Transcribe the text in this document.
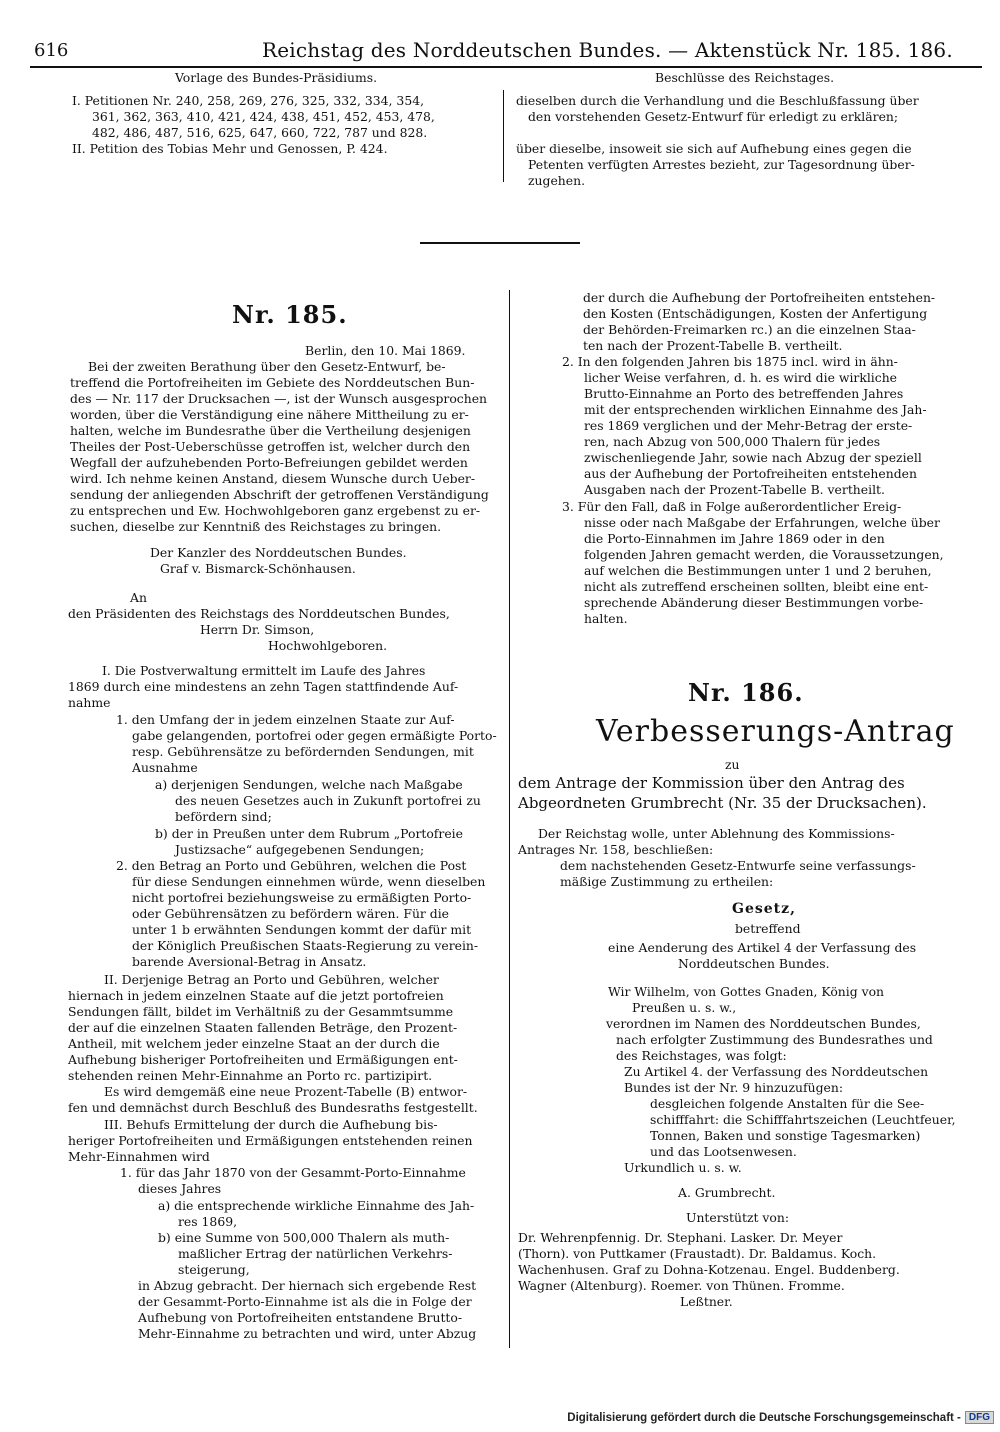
616	Reichstag des Norddeutschen Bundes. — Aktenstück Nr. 185. 186.
Vorlage des Bundes-Präsidiums.	Beschlüsse des Reichstages.
I. Petitionen Nr. 240, 258, 269, 276, 325, 332, 334, 354,
361, 362, 363, 410, 421, 424, 438, 451, 452, 453, 478,
482, 486, 487, 516, 625, 647, 660, 722, 787 und 828.
II. Petition des Tobias Mehr und Genossen, P. 424.
dieselben durch die Verhandlung und die Beschlußfassung über
den vorstehenden Gesetz-Entwurf für erledigt zu erklären;
über dieselbe, insoweit sie sich auf Aufhebung eines gegen die
Petenten verfügten Arrestes bezieht, zur Tagesordnung über-
zugehen.
Nr. 185.
Berlin, den 10. Mai 1869.
Bei der zweiten Berathung über den Gesetz-Entwurf, be-
treffend die Portofreiheiten im Gebiete des Norddeutschen Bun-
des — Nr. 117 der Drucksachen —, ist der Wunsch ausgesprochen
worden, über die Verständigung eine nähere Mittheilung zu er-
halten, welche im Bundesrathe über die Vertheilung desjenigen
Theiles der Post-Ueberschüsse getroffen ist, welcher durch den
Wegfall der aufzuhebenden Porto-Befreiungen gebildet werden
wird. Ich nehme keinen Anstand, diesem Wunsche durch Ueber-
sendung der anliegenden Abschrift der getroffenen Verständigung
zu entsprechen und Ew. Hochwohlgeboren ganz ergebenst zu er-
suchen, dieselbe zur Kenntniß des Reichstages zu bringen.
Der Kanzler des Norddeutschen Bundes.
Graf v. Bismarck-Schönhausen.
An
den Präsidenten des Reichstags des Norddeutschen Bundes,
Herrn Dr. Simson,
Hochwohlgeboren.
I. Die Postverwaltung ermittelt im Laufe des Jahres
1869 durch eine mindestens an zehn Tagen stattfindende Auf-
nahme
1. den Umfang der in jedem einzelnen Staate zur Auf-
gabe gelangenden, portofrei oder gegen ermäßigte Porto-
resp. Gebührensätze zu befördernden Sendungen, mit
Ausnahme
a) derjenigen Sendungen, welche nach Maßgabe
des neuen Gesetzes auch in Zukunft portofrei zu
befördern sind;
b) der in Preußen unter dem Rubrum „Portofreie
Justizsache“ aufgegebenen Sendungen;
2. den Betrag an Porto und Gebühren, welchen die Post
für diese Sendungen einnehmen würde, wenn dieselben
nicht portofrei beziehungsweise zu ermäßigten Porto-
oder Gebührensätzen zu befördern wären. Für die
unter 1 b erwähnten Sendungen kommt der dafür mit
der Königlich Preußischen Staats-Regierung zu verein-
barende Aversional-Betrag in Ansatz.
II. Derjenige Betrag an Porto und Gebühren, welcher
hiernach in jedem einzelnen Staate auf die jetzt portofreien
Sendungen fällt, bildet im Verhältniß zu der Gesammtsumme
der auf die einzelnen Staaten fallenden Beträge, den Prozent-
Antheil, mit welchem jeder einzelne Staat an der durch die
Aufhebung bisheriger Portofreiheiten und Ermäßigungen ent-
stehenden reinen Mehr-Einnahme an Porto rc. partizipirt.
Es wird demgemäß eine neue Prozent-Tabelle (B) entwor-
fen und demnächst durch Beschluß des Bundesraths festgestellt.
III. Behufs Ermittelung der durch die Aufhebung bis-
heriger Portofreiheiten und Ermäßigungen entstehenden reinen
Mehr-Einnahmen wird
1. für das Jahr 1870 von der Gesammt-Porto-Einnahme
dieses Jahres
a) die entsprechende wirkliche Einnahme des Jah-
res 1869,
b) eine Summe von 500,000 Thalern als muth-
maßlicher Ertrag der natürlichen Verkehrs-
steigerung,
in Abzug gebracht. Der hiernach sich ergebende Rest
der Gesammt-Porto-Einnahme ist als die in Folge der
Aufhebung von Portofreiheiten entstandene Brutto-
Mehr-Einnahme zu betrachten und wird, unter Abzug
der durch die Aufhebung der Portofreiheiten entstehen-
den Kosten (Entschädigungen, Kosten der Anfertigung
der Behörden-Freimarken rc.) an die einzelnen Staa-
ten nach der Prozent-Tabelle B. vertheilt.
2. In den folgenden Jahren bis 1875 incl. wird in ähn-
licher Weise verfahren, d. h. es wird die wirkliche
Brutto-Einnahme an Porto des betreffenden Jahres
mit der entsprechenden wirklichen Einnahme des Jah-
res 1869 verglichen und der Mehr-Betrag der erste-
ren, nach Abzug von 500,000 Thalern für jedes
zwischenliegende Jahr, sowie nach Abzug der speziell
aus der Aufhebung der Portofreiheiten entstehenden
Ausgaben nach der Prozent-Tabelle B. vertheilt.
3. Für den Fall, daß in Folge außerordentlicher Ereig-
nisse oder nach Maßgabe der Erfahrungen, welche über
die Porto-Einnahmen im Jahre 1869 oder in den
folgenden Jahren gemacht werden, die Voraussetzungen,
auf welchen die Bestimmungen unter 1 und 2 beruhen,
nicht als zutreffend erscheinen sollten, bleibt eine ent-
sprechende Abänderung dieser Bestimmungen vorbe-
halten.
Nr. 186.
Verbesserungs-Antrag
zu
dem Antrage der Kommission über den Antrag des
Abgeordneten Grumbrecht (Nr. 35 der Drucksachen).
Der Reichstag wolle, unter Ablehnung des Kommissions-
Antrages Nr. 158, beschließen:
dem nachstehenden Gesetz-Entwurfe seine verfassungs-
mäßige Zustimmung zu ertheilen:
Gesetz,
betreffend
eine Aenderung des Artikel 4 der Verfassung des
Norddeutschen Bundes.
Wir Wilhelm, von Gottes Gnaden, König von
Preußen u. s. w.,
verordnen im Namen des Norddeutschen Bundes,
nach erfolgter Zustimmung des Bundesrathes und
des Reichstages, was folgt:
Zu Artikel 4. der Verfassung des Norddeutschen
Bundes ist der Nr. 9 hinzuzufügen:
desgleichen folgende Anstalten für die See-
schifffahrt: die Schifffahrtszeichen (Leuchtfeuer,
Tonnen, Baken und sonstige Tagesmarken)
und das Lootsenwesen.
Urkundlich u. s. w.
A. Grumbrecht.
Unterstützt von:
Dr. Wehrenpfennig. Dr. Stephani. Lasker. Dr. Meyer
(Thorn). von Puttkamer (Fraustadt). Dr. Baldamus. Koch.
Wachenhusen. Graf zu Dohna-Kotzenau. Engel. Buddenberg.
Wagner (Altenburg). Roemer. von Thünen. Fromme.
Leßtner.
Digitalisierung gefördert durch die Deutsche Forschungsgemeinschaft - DFG
